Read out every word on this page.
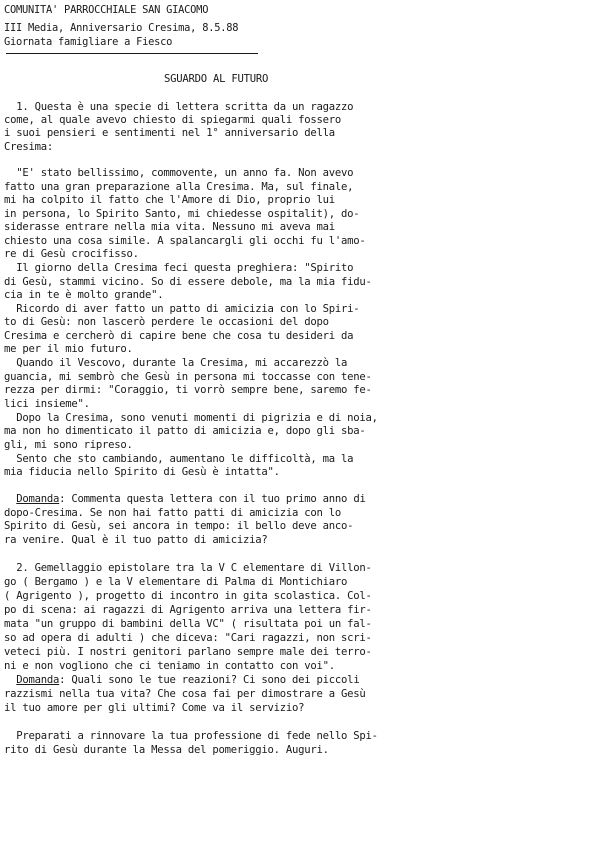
COMUNITA' PARROCCHIALE SAN GIACOMO
III Media, Anniversario Cresima, 8.5.88
Giornata famigliare a Fiesco
SGUARDO AL FUTURO
1. Questa è una specie di lettera scritta da un ragazzo
come, al quale avevo chiesto di spiegarmi quali fossero
i suoi pensieri e sentimenti nel 1° anniversario della
Cresima:
"E' stato bellissimo, commovente, un anno fa. Non avevo
fatto una gran preparazione alla Cresima. Ma, sul finale,
mi ha colpito il fatto che l'Amore di Dio, proprio lui
in persona, lo Spirito Santo, mi chiedesse ospitalit), do-
siderasse entrare nella mia vita. Nessuno mi aveva mai
chiesto una cosa simile. A spalancargli gli occhi fu l'amo-
re di Gesù crocifisso.
Il giorno della Cresima feci questa preghiera: "Spirito
di Gesù, stammi vicino. So di essere debole, ma la mia fidu-
cia in te è molto grande".
Ricordo di aver fatto un patto di amicizia con lo Spiri-
to di Gesù: non lascerò perdere le occasioni del dopo
Cresima e cercherò di capire bene che cosa tu desideri da
me per il mio futuro.
Quando il Vescovo, durante la Cresima, mi accarezzò la
guancia, mi sembrò che Gesù in persona mi toccasse con tene-
rezza per dirmi: "Coraggio, ti vorrò sempre bene, saremo fe-
lici insieme".
Dopo la Cresima, sono venuti momenti di pigrizia e di noia,
ma non ho dimenticato il patto di amicizia e, dopo gli sba-
gli, mi sono ripreso.
Sento che sto cambiando, aumentano le difficoltà, ma la
mia fiducia nello Spirito di Gesù è intatta".
Domanda: Commenta questa lettera con il tuo primo anno di
dopo-Cresima. Se non hai fatto patti di amicizia con lo
Spirito di Gesù, sei ancora in tempo: il bello deve anco-
ra venire. Qual è il tuo patto di amicizia?
2. Gemellaggio epistolare tra la V C elementare di Villon-
go ( Bergamo ) e la V elementare di Palma di Montichiaro
( Agrigento ), progetto di incontro in gita scolastica. Col-
po di scena: ai ragazzi di Agrigento arriva una lettera fir-
mata "un gruppo di bambini della VC" ( risultata poi un fal-
so ad opera di adulti ) che diceva: "Cari ragazzi, non scri-
veteci più. I nostri genitori parlano sempre male dei terro-
ni e non vogliono che ci teniamo in contatto con voi".
Domanda: Quali sono le tue reazioni? Ci sono dei piccoli
razzismi nella tua vita? Che cosa fai per dimostrare a Gesù
il tuo amore per gli ultimi? Come va il servizio?
Preparati a rinnovare la tua professione di fede nello Spi-
rito di Gesù durante la Messa del pomeriggio. Auguri.
